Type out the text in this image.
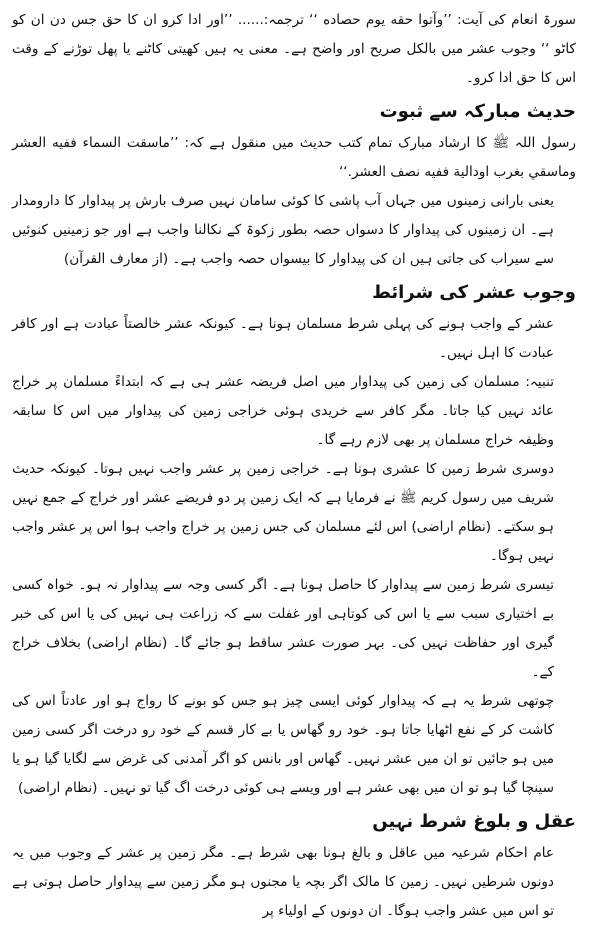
سورۃ انعام کی آیت: ’’وآتوا حقه یوم حصاده ‘‘ ترجمہ:...... ’’اور ادا کرو ان کا حق جس دن ان کو کاٹو ‘‘ وجوب عشر میں بالکل صریح اور واضح ہے۔ معنی یہ ہیں کھیتی کاٹنے یا پھل توڑنے کے وقت اس کا حق ادا کرو۔

حدیث مبارکہ سے ثبوت

رسول اللہ ﷺ کا ارشاد مبارک تمام کتب حدیث میں منقول ہے کہ: ’’ماسقت السماء ففيه العشر وماسقي بغرب اودالية ففيه نصف العشر.‘‘

یعنی بارانی زمینوں میں جہاں آب پاشی کا کوئی سامان نہیں صرف بارش پر پیداوار کا دارومدار ہے۔ ان زمینوں کی پیداوار کا دسواں حصہ بطور زکوۃ کے نکالنا واجب ہے اور جو زمینیں کنوئیں سے سیراب کی جاتی ہیں ان کی پیداوار کا بیسواں حصہ واجب ہے۔ (از معارف القرآن)

وجوب عشر کی شرائط

عشر کے واجب ہونے کی پہلی شرط مسلمان ہونا ہے۔ کیونکہ عشر خالصتاً عبادت ہے اور کافر عبادت کا اہل نہیں۔

تنبیہ: مسلمان کی زمین کی پیداوار میں اصل فریضہ عشر ہی ہے کہ ابتداءً مسلمان پر خراج عائد نہیں کیا جاتا۔ مگر کافر سے خریدی ہوئی خراجی زمین کی پیداوار میں اس کا سابقہ وظیفہ خراج مسلمان پر بھی لازم رہے گا۔

دوسری شرط زمین کا عشری ہونا ہے۔ خراجی زمین پر عشر واجب نہیں ہوتا۔ کیونکہ حدیث شریف میں رسول کریم ﷺ نے فرمایا ہے کہ ایک زمین پر دو فریضے عشر اور خراج کے جمع نہیں ہو سکتے۔ (نظام اراضی) اس لئے مسلمان کی جس زمین پر خراج واجب ہوا اس پر عشر واجب نہیں ہوگا۔

تیسری شرط زمین سے پیداوار کا حاصل ہونا ہے۔ اگر کسی وجہ سے پیداوار نہ ہو۔ خواہ کسی بے اختیاری سبب سے یا اس کی کوتاہی اور غفلت سے کہ زراعت ہی نہیں کی یا اس کی خبر گیری اور حفاظت نہیں کی۔ بہر صورت عشر ساقط ہو جائے گا۔ (نظام اراضی) بخلاف خراج کے۔

چوتھی شرط یہ ہے کہ پیداوار کوئی ایسی چیز ہو جس کو بونے کا رواج ہو اور عادتاً اس کی کاشت کر کے نفع اٹھایا جاتا ہو۔ خود رو گھاس یا بے کار قسم کے خود رو درخت اگر کسی زمین میں ہو جائیں تو ان میں عشر نہیں۔ گھاس اور بانس کو اگر آمدنی کی غرض سے لگایا گیا ہو یا سینچا گیا ہو تو ان میں بھی عشر ہے اور ویسے ہی کوئی درخت اگ گیا تو نہیں۔ (نظام اراضی)

عقل و بلوغ شرط نہیں

عام احکام شرعیہ میں عاقل و بالغ ہونا بھی شرط ہے۔ مگر زمین پر عشر کے وجوب میں یہ دونوں شرطیں نہیں۔ زمین کا مالک اگر بچہ یا مجنوں ہو مگر زمین سے پیداوار حاصل ہوتی ہے تو اس میں عشر واجب ہوگا۔ ان دونوں کے اولیاء پر
